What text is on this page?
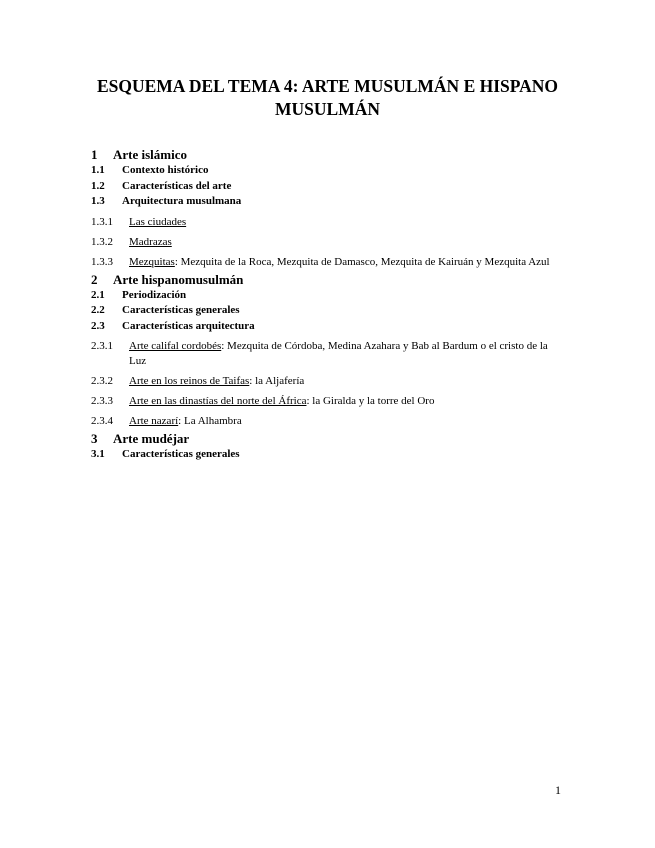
ESQUEMA DEL TEMA 4: ARTE MUSULMÁN E HISPANO MUSULMÁN
1	Arte islámico
1.1	Contexto histórico
1.2	Características del arte
1.3	Arquitectura musulmana
1.3.1	Las ciudades
1.3.2	Madrazas
1.3.3	Mezquitas: Mezquita de la Roca, Mezquita de Damasco, Mezquita de Kairuán y Mezquita Azul
2	Arte hispanomusulmán
2.1	Periodización
2.2	Características generales
2.3	Características arquitectura
2.3.1	Arte califal cordobés: Mezquita de Córdoba, Medina Azahara y Bab al Bardum o el cristo de la Luz
2.3.2	Arte en los reinos de Taifas: la Aljafería
2.3.3	Arte en las dinastías del norte del África: la Giralda y la torre del Oro
2.3.4	Arte nazarí: La Alhambra
3	Arte mudéjar
3.1	Características generales
1
